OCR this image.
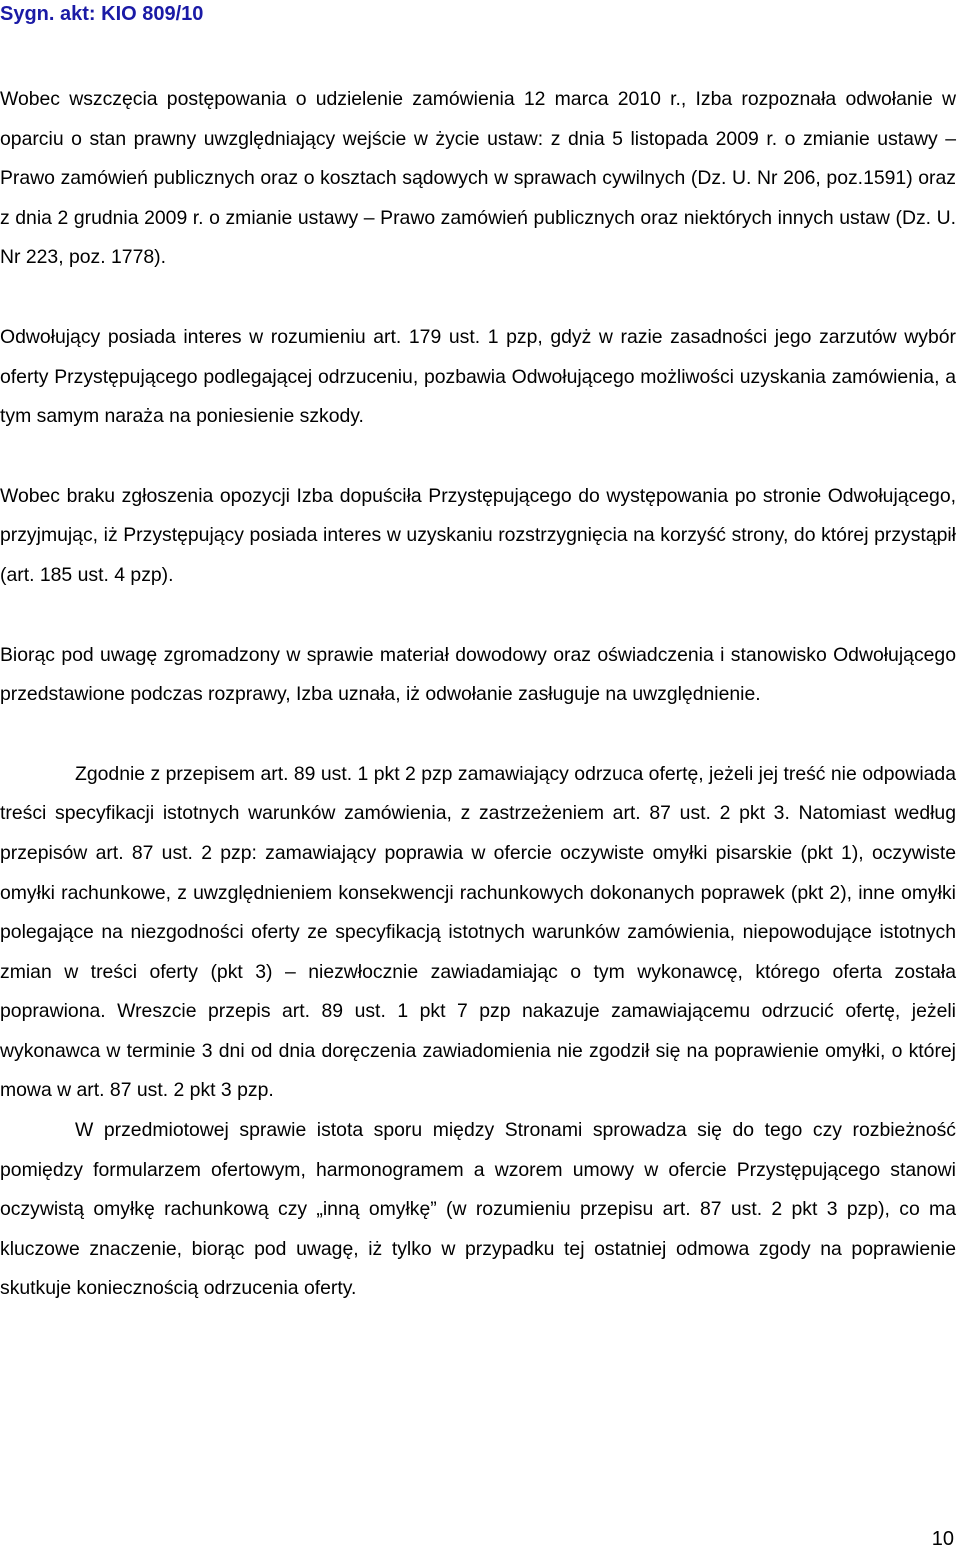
Sygn. akt: KIO 809/10

Wobec wszczęcia postępowania o udzielenie zamówienia 12 marca 2010 r., Izba rozpoznała odwołanie w oparciu o stan prawny uwzględniający wejście w życie ustaw: z dnia 5 listopada 2009 r. o zmianie ustawy – Prawo zamówień publicznych oraz o kosztach sądowych w sprawach cywilnych (Dz. U. Nr 206, poz.1591) oraz z dnia 2 grudnia 2009 r. o zmianie ustawy – Prawo zamówień publicznych oraz niektórych innych ustaw (Dz. U. Nr 223, poz. 1778).

Odwołujący posiada interes w rozumieniu art. 179 ust. 1 pzp, gdyż w razie zasadności jego zarzutów wybór oferty Przystępującego podlegającej odrzuceniu, pozbawia Odwołującego możliwości uzyskania zamówienia, a tym samym naraża na poniesienie szkody.

Wobec braku zgłoszenia opozycji Izba dopuściła Przystępującego do występowania po stronie Odwołującego, przyjmując, iż Przystępujący posiada interes w uzyskaniu rozstrzygnięcia na korzyść strony, do której przystąpił (art. 185 ust. 4 pzp).

Biorąc pod uwagę zgromadzony w sprawie materiał dowodowy oraz oświadczenia i stanowisko Odwołującego przedstawione podczas rozprawy, Izba uznała, iż odwołanie zasługuje na uwzględnienie.

Zgodnie z przepisem art. 89 ust. 1 pkt 2 pzp zamawiający odrzuca ofertę, jeżeli jej treść nie odpowiada treści specyfikacji istotnych warunków zamówienia, z zastrzeżeniem art. 87 ust. 2 pkt 3. Natomiast według przepisów art. 87 ust. 2 pzp: zamawiający poprawia w ofercie oczywiste omyłki pisarskie (pkt 1), oczywiste omyłki rachunkowe, z uwzględnieniem konsekwencji rachunkowych dokonanych poprawek (pkt 2), inne omyłki polegające na niezgodności oferty ze specyfikacją istotnych warunków zamówienia, niepowodujące istotnych zmian w treści oferty (pkt 3) – niezwłocznie zawiadamiając o tym wykonawcę, którego oferta została poprawiona. Wreszcie przepis art. 89 ust. 1 pkt 7 pzp nakazuje zamawiającemu odrzucić ofertę, jeżeli wykonawca w terminie 3 dni od dnia doręczenia zawiadomienia nie zgodził się na poprawienie omyłki, o której mowa w art. 87 ust. 2 pkt 3 pzp.

W przedmiotowej sprawie istota sporu między Stronami sprowadza się do tego czy rozbieżność pomiędzy formularzem ofertowym, harmonogramem a wzorem umowy w ofercie Przystępującego stanowi oczywistą omyłkę rachunkową czy „inną omyłkę” (w rozumieniu przepisu art. 87 ust. 2 pkt 3 pzp), co ma kluczowe znaczenie, biorąc pod uwagę, iż tylko w przypadku tej ostatniej odmowa zgody na poprawienie skutkuje koniecznością odrzucenia oferty.

10
